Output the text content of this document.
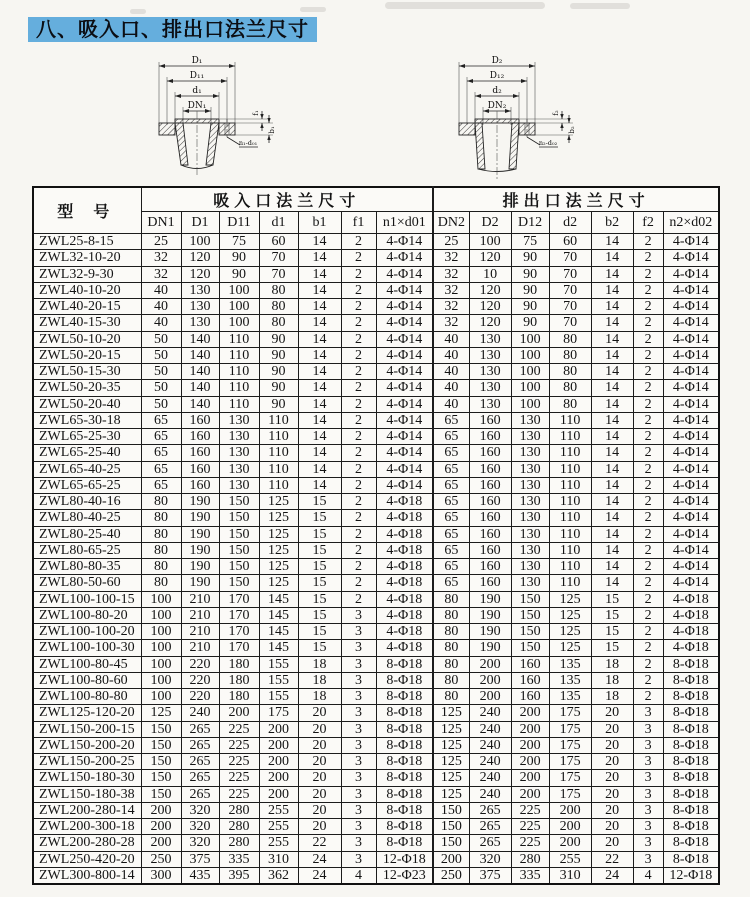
八、吸入口、排出口法兰尺寸
D₁
D₁₁
d₁
DN₁
f₁
b₁
n₁-d₀₁
D₂
D₁₂
d₂
DN₂
f₂
b₂
n₂-d₀₂
型 号	吸入口法兰尺寸							排出口法兰尺寸						
	DN1	D1	D11	d1	b1	f1	n1×d01	DN2	D2	D12	d2	b2	f2	n2×d02
ZWL25-8-15	25	100	75	60	14	2	4-Φ14	25	100	75	60	14	2	4-Φ14
ZWL32-10-20	32	120	90	70	14	2	4-Φ14	32	120	90	70	14	2	4-Φ14
ZWL32-9-30	32	120	90	70	14	2	4-Φ14	32	10	90	70	14	2	4-Φ14
ZWL40-10-20	40	130	100	80	14	2	4-Φ14	32	120	90	70	14	2	4-Φ14
ZWL40-20-15	40	130	100	80	14	2	4-Φ14	32	120	90	70	14	2	4-Φ14
ZWL40-15-30	40	130	100	80	14	2	4-Φ14	32	120	90	70	14	2	4-Φ14
ZWL50-10-20	50	140	110	90	14	2	4-Φ14	40	130	100	80	14	2	4-Φ14
ZWL50-20-15	50	140	110	90	14	2	4-Φ14	40	130	100	80	14	2	4-Φ14
ZWL50-15-30	50	140	110	90	14	2	4-Φ14	40	130	100	80	14	2	4-Φ14
ZWL50-20-35	50	140	110	90	14	2	4-Φ14	40	130	100	80	14	2	4-Φ14
ZWL50-20-40	50	140	110	90	14	2	4-Φ14	40	130	100	80	14	2	4-Φ14
ZWL65-30-18	65	160	130	110	14	2	4-Φ14	65	160	130	110	14	2	4-Φ14
ZWL65-25-30	65	160	130	110	14	2	4-Φ14	65	160	130	110	14	2	4-Φ14
ZWL65-25-40	65	160	130	110	14	2	4-Φ14	65	160	130	110	14	2	4-Φ14
ZWL65-40-25	65	160	130	110	14	2	4-Φ14	65	160	130	110	14	2	4-Φ14
ZWL65-65-25	65	160	130	110	14	2	4-Φ14	65	160	130	110	14	2	4-Φ14
ZWL80-40-16	80	190	150	125	15	2	4-Φ18	65	160	130	110	14	2	4-Φ14
ZWL80-40-25	80	190	150	125	15	2	4-Φ18	65	160	130	110	14	2	4-Φ14
ZWL80-25-40	80	190	150	125	15	2	4-Φ18	65	160	130	110	14	2	4-Φ14
ZWL80-65-25	80	190	150	125	15	2	4-Φ18	65	160	130	110	14	2	4-Φ14
ZWL80-80-35	80	190	150	125	15	2	4-Φ18	65	160	130	110	14	2	4-Φ14
ZWL80-50-60	80	190	150	125	15	2	4-Φ18	65	160	130	110	14	2	4-Φ14
ZWL100-100-15	100	210	170	145	15	2	4-Φ18	80	190	150	125	15	2	4-Φ18
ZWL100-80-20	100	210	170	145	15	3	4-Φ18	80	190	150	125	15	2	4-Φ18
ZWL100-100-20	100	210	170	145	15	3	4-Φ18	80	190	150	125	15	2	4-Φ18
ZWL100-100-30	100	210	170	145	15	3	4-Φ18	80	190	150	125	15	2	4-Φ18
ZWL100-80-45	100	220	180	155	18	3	8-Φ18	80	200	160	135	18	2	8-Φ18
ZWL100-80-60	100	220	180	155	18	3	8-Φ18	80	200	160	135	18	2	8-Φ18
ZWL100-80-80	100	220	180	155	18	3	8-Φ18	80	200	160	135	18	2	8-Φ18
ZWL125-120-20	125	240	200	175	20	3	8-Φ18	125	240	200	175	20	3	8-Φ18
ZWL150-200-15	150	265	225	200	20	3	8-Φ18	125	240	200	175	20	3	8-Φ18
ZWL150-200-20	150	265	225	200	20	3	8-Φ18	125	240	200	175	20	3	8-Φ18
ZWL150-200-25	150	265	225	200	20	3	8-Φ18	125	240	200	175	20	3	8-Φ18
ZWL150-180-30	150	265	225	200	20	3	8-Φ18	125	240	200	175	20	3	8-Φ18
ZWL150-180-38	150	265	225	200	20	3	8-Φ18	125	240	200	175	20	3	8-Φ18
ZWL200-280-14	200	320	280	255	20	3	8-Φ18	150	265	225	200	20	3	8-Φ18
ZWL200-300-18	200	320	280	255	20	3	8-Φ18	150	265	225	200	20	3	8-Φ18
ZWL200-280-28	200	320	280	255	22	3	8-Φ18	150	265	225	200	20	3	8-Φ18
ZWL250-420-20	250	375	335	310	24	3	12-Φ18	200	320	280	255	22	3	8-Φ18
ZWL300-800-14	300	435	395	362	24	4	12-Φ23	250	375	335	310	24	4	12-Φ18
